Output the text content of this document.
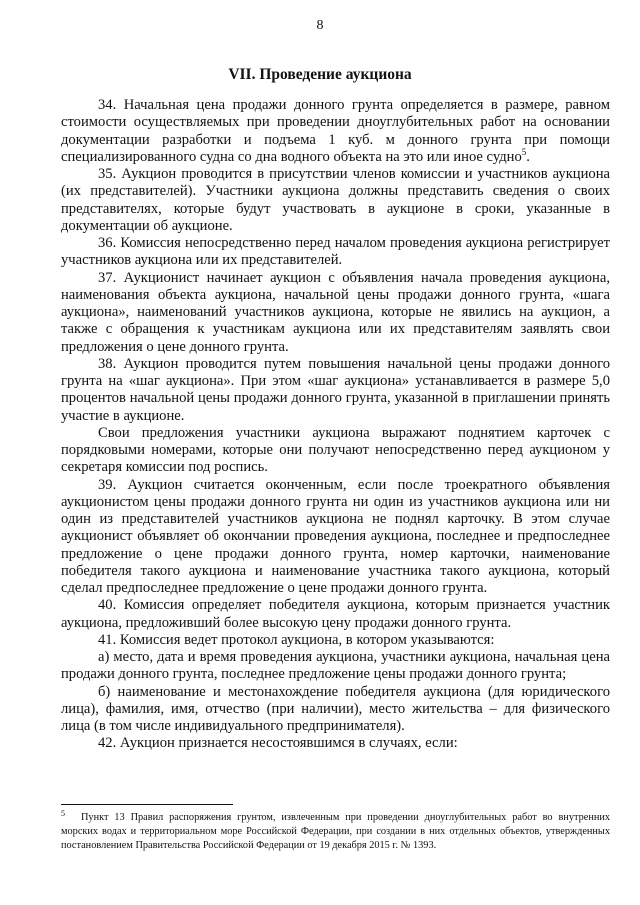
8
VII. Проведение аукциона

34. Начальная цена продажи донного грунта определяется в размере, равном стоимости осуществляемых при проведении дноуглубительных работ на основании документации разработки и подъема 1 куб. м донного грунта при помощи специализированного судна со дна водного объекта на это или иное судно$^5$.

35. Аукцион проводится в присутствии членов комиссии и участников аукциона (их представителей). Участники аукциона должны представить сведения о своих представителях, которые будут участвовать в аукционе в сроки, указанные в документации об аукционе.

36. Комиссия непосредственно перед началом проведения аукциона регистрирует участников аукциона или их представителей.

37. Аукционист начинает аукцион с объявления начала проведения аукциона, наименования объекта аукциона, начальной цены продажи донного грунта, «шага аукциона», наименований участников аукциона, которые не явились на аукцион, а также с обращения к участникам аукциона или их представителям заявлять свои предложения о цене донного грунта.

38. Аукцион проводится путем повышения начальной цены продажи донного грунта на «шаг аукциона». При этом «шаг аукциона» устанавливается в размере 5,0 процентов начальной цены продажи донного грунта, указанной в приглашении принять участие в аукционе.

Свои предложения участники аукциона выражают поднятием карточек с порядковыми номерами, которые они получают непосредственно перед аукционом у секретаря комиссии под роспись.

39. Аукцион считается оконченным, если после троекратного объявления аукционистом цены продажи донного грунта ни один из участников аукциона или ни один из представителей участников аукциона не поднял карточку. В этом случае аукционист объявляет об окончании проведения аукциона, последнее и предпоследнее предложение о цене продажи донного грунта, номер карточки, наименование победителя такого аукциона и наименование участника такого аукциона, который сделал предпоследнее предложение о цене продажи донного грунта.

40. Комиссия определяет победителя аукциона, которым признается участник аукциона, предложивший более высокую цену продажи донного грунта.

41. Комиссия ведет протокол аукциона, в котором указываются:

а) место, дата и время проведения аукциона, участники аукциона, начальная цена продажи донного грунта, последнее предложение цены продажи донного грунта;

б) наименование и местонахождение победителя аукциона (для юридического лица), фамилия, имя, отчество (при наличии), место жительства – для физического лица (в том числе индивидуального предпринимателя).

42. Аукцион признается несостоявшимся в случаях, если:

5 Пункт 13 Правил распоряжения грунтом, извлеченным при проведении дноуглубительных работ во внутренних морских водах и территориальном море Российской Федерации, при создании в них отдельных объектов, утвержденных постановлением Правительства Российской Федерации от 19 декабря 2015 г. № 1393.
